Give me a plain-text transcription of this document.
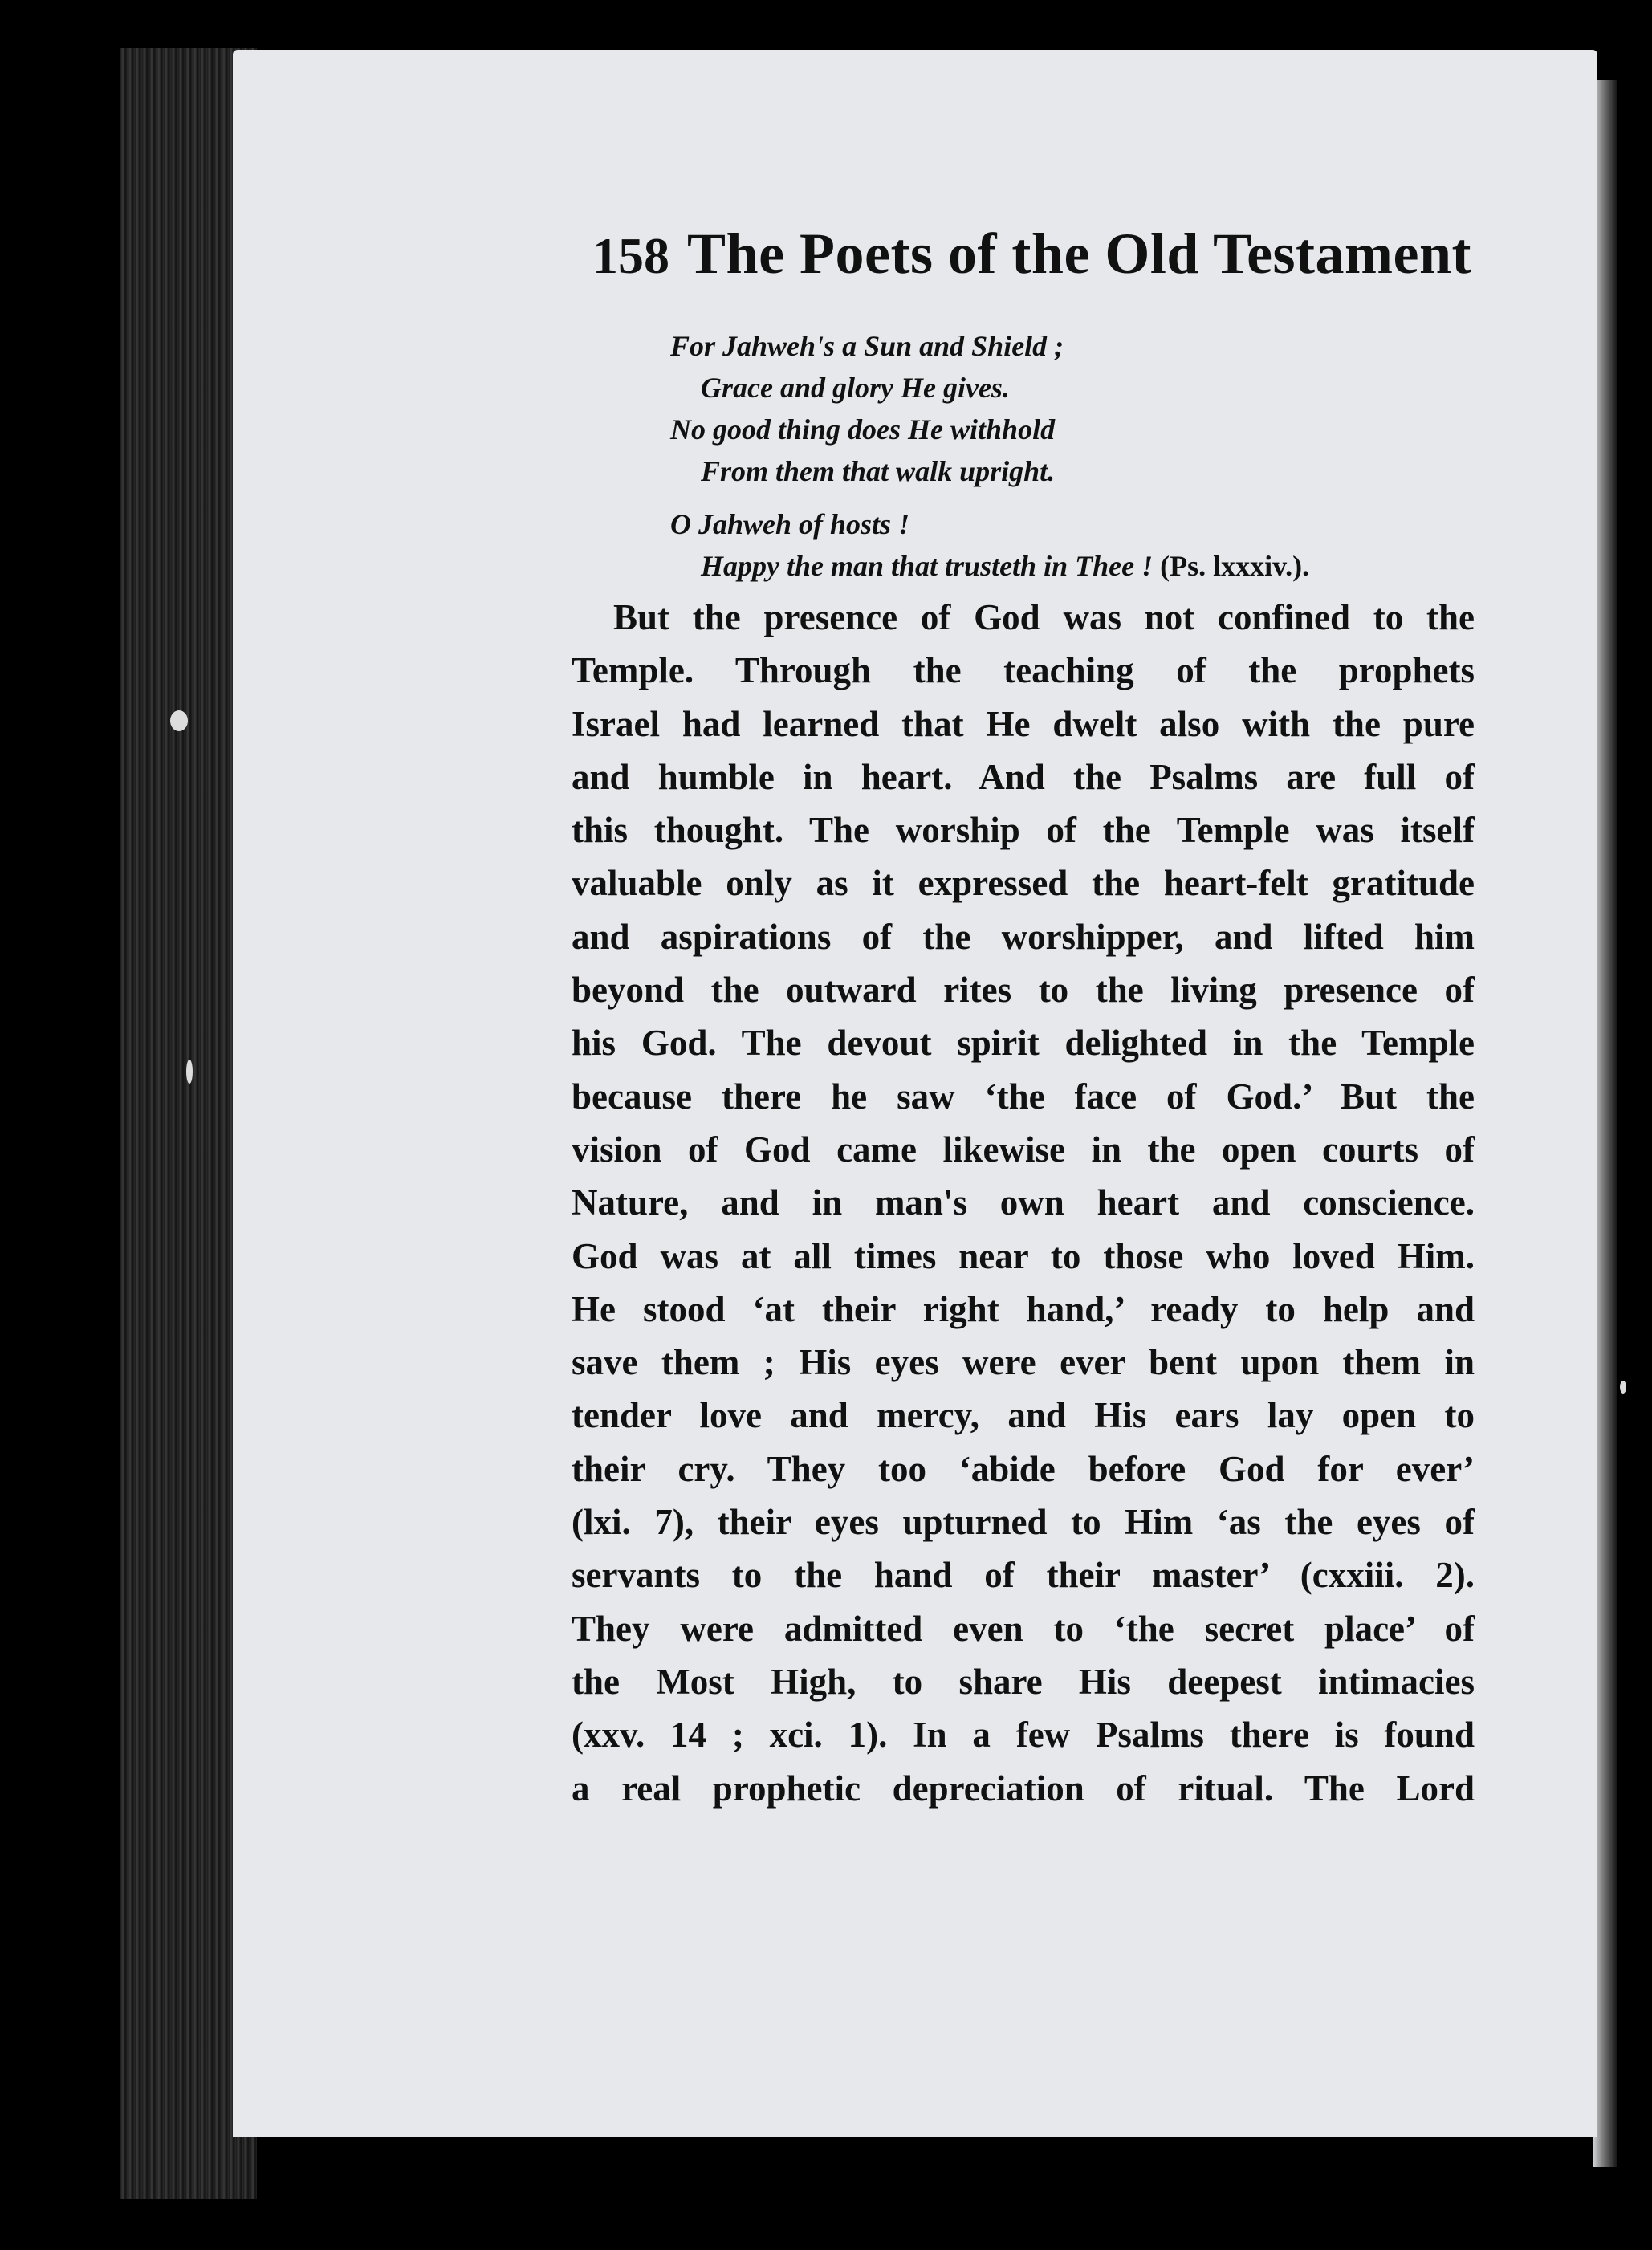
158 The Poets of the Old Testament
For Jahweh's a Sun and Shield ;
Grace and glory He gives.
No good thing does He withhold
From them that walk upright.
O Jahweh of hosts !
Happy the man that trusteth in Thee ! (Ps. lxxxiv.).
But the presence of God was not confined to the
Temple. Through the teaching of the prophets
Israel had learned that He dwelt also with the pure
and humble in heart. And the Psalms are full of
this thought. The worship of the Temple was itself
valuable only as it expressed the heart-felt gratitude
and aspirations of the worshipper, and lifted him
beyond the outward rites to the living presence of
his God. The devout spirit delighted in the Temple
because there he saw ‘the face of God.’ But the
vision of God came likewise in the open courts of
Nature, and in man's own heart and conscience.
God was at all times near to those who loved Him.
He stood ‘at their right hand,’ ready to help and
save them ; His eyes were ever bent upon them in
tender love and mercy, and His ears lay open to
their cry. They too ‘abide before God for ever’
(lxi. 7), their eyes upturned to Him ‘as the eyes of
servants to the hand of their master’ (cxxiii. 2).
They were admitted even to ‘the secret place’ of
the Most High, to share His deepest intimacies
(xxv. 14 ; xci. 1). In a few Psalms there is found
a real prophetic depreciation of ritual. The Lord
